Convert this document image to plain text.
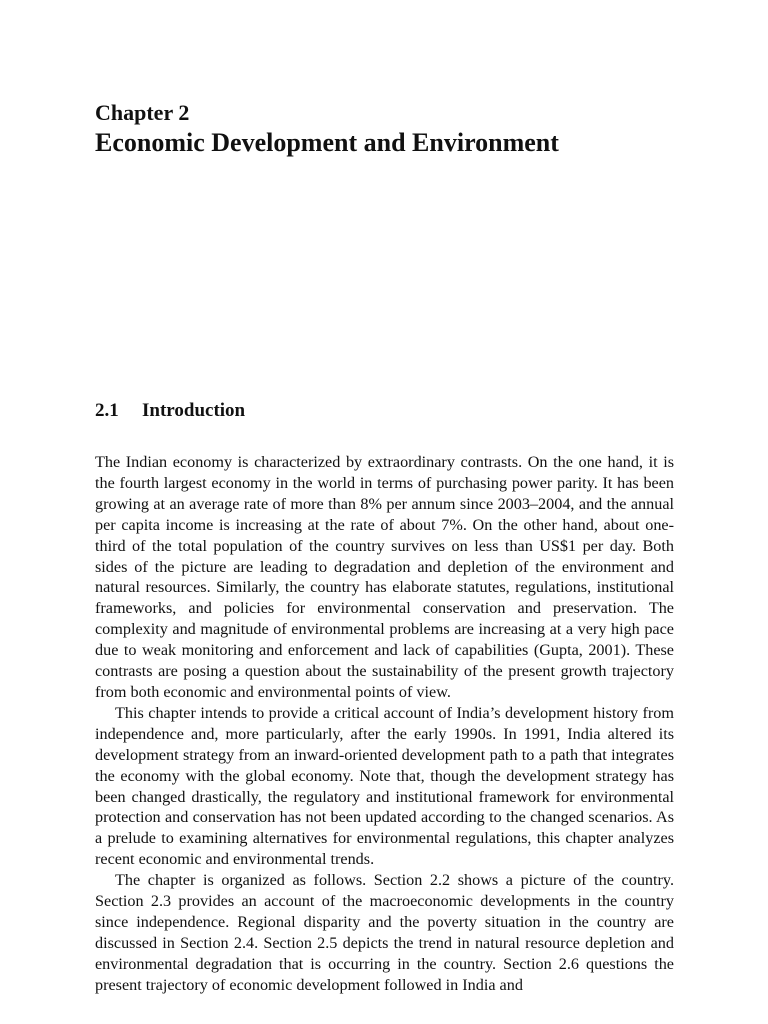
Chapter 2
Economic Development and Environment
2.1 Introduction

The Indian economy is characterized by extraordinary contrasts. On the one hand, it is the fourth largest economy in the world in terms of purchasing power parity. It has been growing at an average rate of more than 8% per annum since 2003–2004, and the annual per capita income is increasing at the rate of about 7%. On the other hand, about one-third of the total population of the country survives on less than US$1 per day. Both sides of the picture are leading to degradation and depletion of the environment and natural resources. Similarly, the country has elaborate statutes, regulations, institutional frameworks, and policies for environmental conservation and preservation. The complexity and magnitude of environmental problems are increasing at a very high pace due to weak monitoring and enforcement and lack of capabilities (Gupta, 2001). These contrasts are posing a question about the sustainability of the present growth trajectory from both economic and environmental points of view.

This chapter intends to provide a critical account of India’s development history from independence and, more particularly, after the early 1990s. In 1991, India altered its development strategy from an inward-oriented development path to a path that integrates the economy with the global economy. Note that, though the development strategy has been changed drastically, the regulatory and institutional framework for environmental protection and conservation has not been updated according to the changed scenarios. As a prelude to examining alternatives for environmental regulations, this chapter analyzes recent economic and environmental trends.

The chapter is organized as follows. Section 2.2 shows a picture of the country. Section 2.3 provides an account of the macroeconomic developments in the country since independence. Regional disparity and the poverty situation in the country are discussed in Section 2.4. Section 2.5 depicts the trend in natural resource depletion and environmental degradation that is occurring in the country. Section 2.6 questions the present trajectory of economic development followed in India and
